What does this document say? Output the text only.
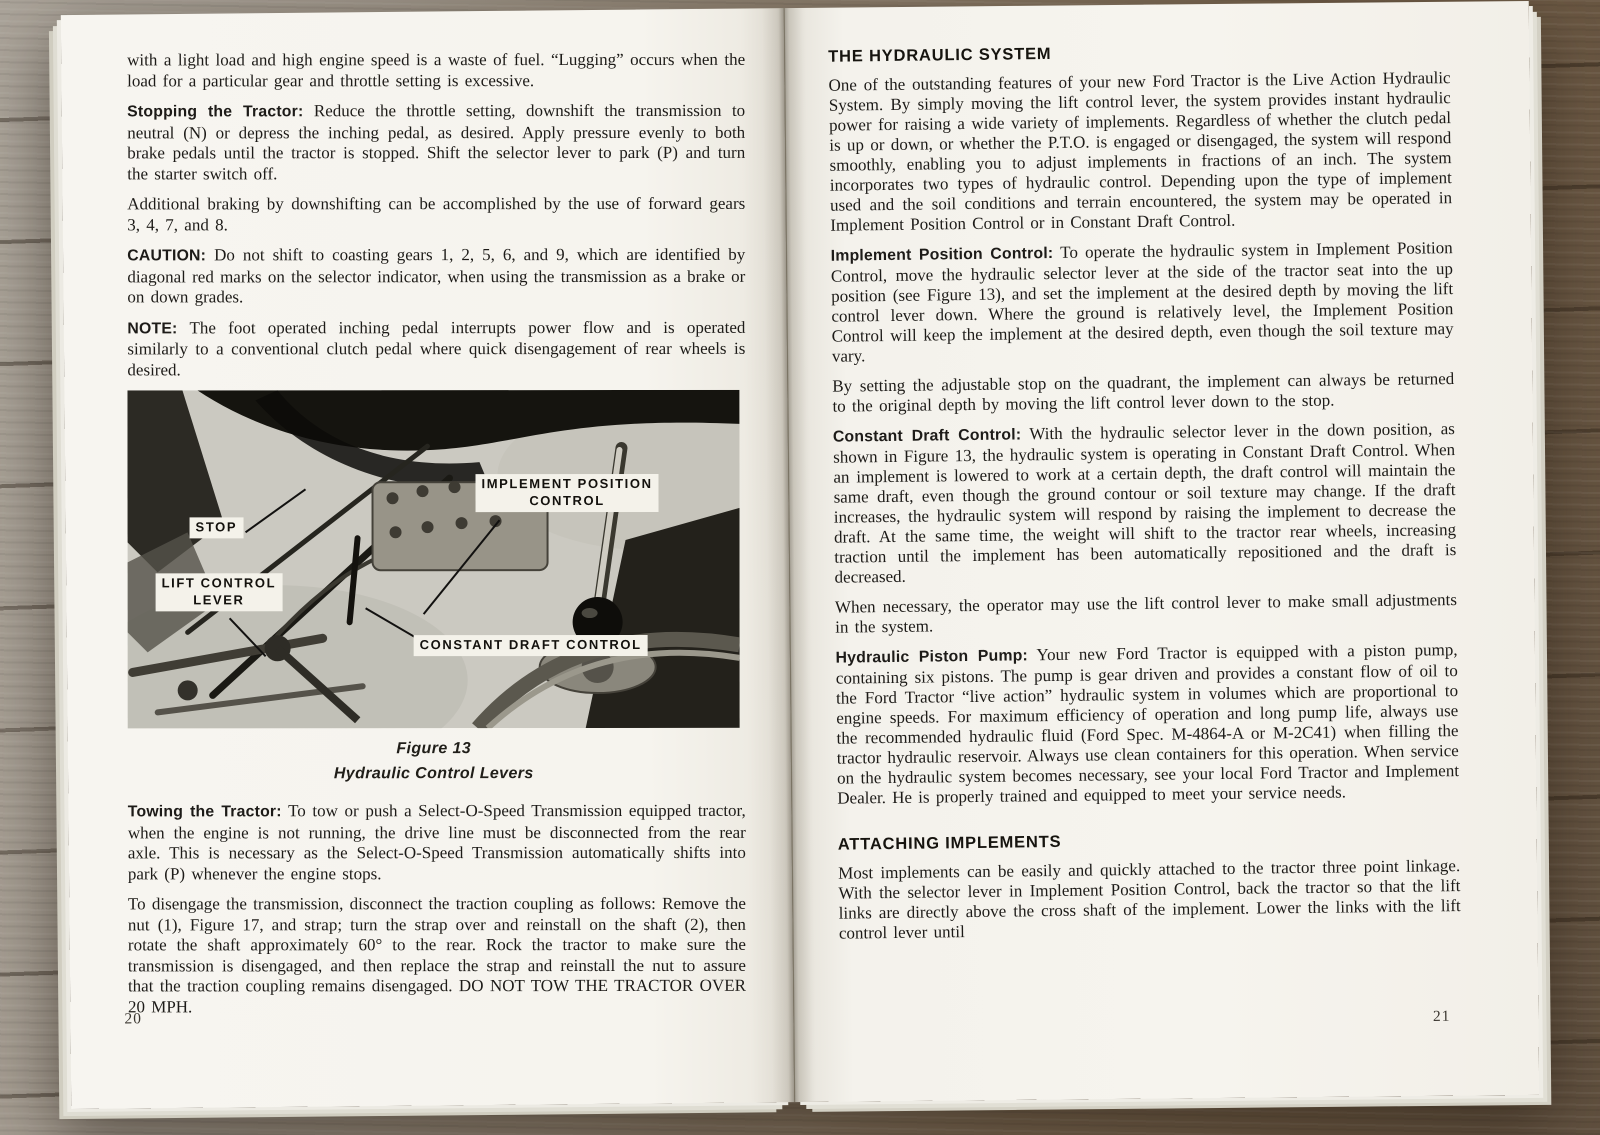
with a light load and high engine speed is a waste of fuel. “Lugging” occurs when the load for a particular gear and throttle setting is excessive.

Stopping the Tractor: Reduce the throttle setting, downshift the transmission to neutral (N) or depress the inching pedal, as desired. Apply pressure evenly to both brake pedals until the tractor is stopped. Shift the selector lever to park (P) and turn the starter switch off.

Additional braking by downshifting can be accomplished by the use of forward gears 3, 4, 7, and 8.

CAUTION: Do not shift to coasting gears 1, 2, 5, 6, and 9, which are identified by diagonal red marks on the selector indicator, when using the transmission as a brake or on down grades.

NOTE: The foot operated inching pedal interrupts power flow and is operated similarly to a conventional clutch pedal where quick disengagement of rear wheels is desired.

IMPLEMENT POSITION
CONTROL
STOP
LIFT CONTROL
LEVER
CONSTANT DRAFT CONTROL
Figure 13
Hydraulic Control Levers

Towing the Tractor: To tow or push a Select-O-Speed Transmission equipped tractor, when the engine is not running, the drive line must be disconnected from the rear axle. This is necessary as the Select-O-Speed Transmission automatically shifts into park (P) whenever the engine stops.

To disengage the transmission, disconnect the traction coupling as follows: Remove the nut (1), Figure 17, and strap; turn the strap over and reinstall on the shaft (2), then rotate the shaft approximately 60° to the rear. Rock the tractor to make sure the transmission is disengaged, and then replace the strap and reinstall the nut to assure that the traction coupling remains disengaged. DO NOT TOW THE TRACTOR OVER 20 MPH.

20
THE HYDRAULIC SYSTEM

One of the outstanding features of your new Ford Tractor is the Live Action Hydraulic System. By simply moving the lift control lever, the system provides instant hydraulic power for raising a wide variety of implements. Regardless of whether the clutch pedal is up or down, or whether the P.T.O. is engaged or disengaged, the system will respond smoothly, enabling you to adjust implements in fractions of an inch. The system incorporates two types of hydraulic control. Depending upon the type of implement used and the soil conditions and terrain encountered, the system may be operated in Implement Position Control or in Constant Draft Control.

Implement Position Control: To operate the hydraulic system in Implement Position Control, move the hydraulic selector lever at the side of the tractor seat into the up position (see Figure 13), and set the implement at the desired depth by moving the lift control lever down. Where the ground is relatively level, the Implement Position Control will keep the implement at the desired depth, even though the soil texture may vary.

By setting the adjustable stop on the quadrant, the implement can always be returned to the original depth by moving the lift control lever down to the stop.

Constant Draft Control: With the hydraulic selector lever in the down position, as shown in Figure 13, the hydraulic system is operating in Constant Draft Control. When an implement is lowered to work at a certain depth, the draft control will maintain the same draft, even though the ground contour or soil texture may change. If the draft increases, the hydraulic system will respond by raising the implement to decrease the draft. At the same time, the weight will shift to the tractor rear wheels, increasing traction until the implement has been automatically repositioned and the draft is decreased.

When necessary, the operator may use the lift control lever to make small adjustments in the system.

Hydraulic Piston Pump: Your new Ford Tractor is equipped with a piston pump, containing six pistons. The pump is gear driven and provides a constant flow of oil to the Ford Tractor “live action” hydraulic system in volumes which are proportional to engine speeds. For maximum efficiency of operation and long pump life, always use the recommended hydraulic fluid (Ford Spec. M-4864-A or M-2C41) when filling the tractor hydraulic reservoir. Always use clean containers for this operation. When service on the hydraulic system becomes necessary, see your local Ford Tractor and Implement Dealer. He is properly trained and equipped to meet your service needs.

ATTACHING IMPLEMENTS

Most implements can be easily and quickly attached to the tractor three point linkage. With the selector lever in Implement Position Control, back the tractor so that the lift links are directly above the cross shaft of the implement. Lower the links with the lift control lever until

21
